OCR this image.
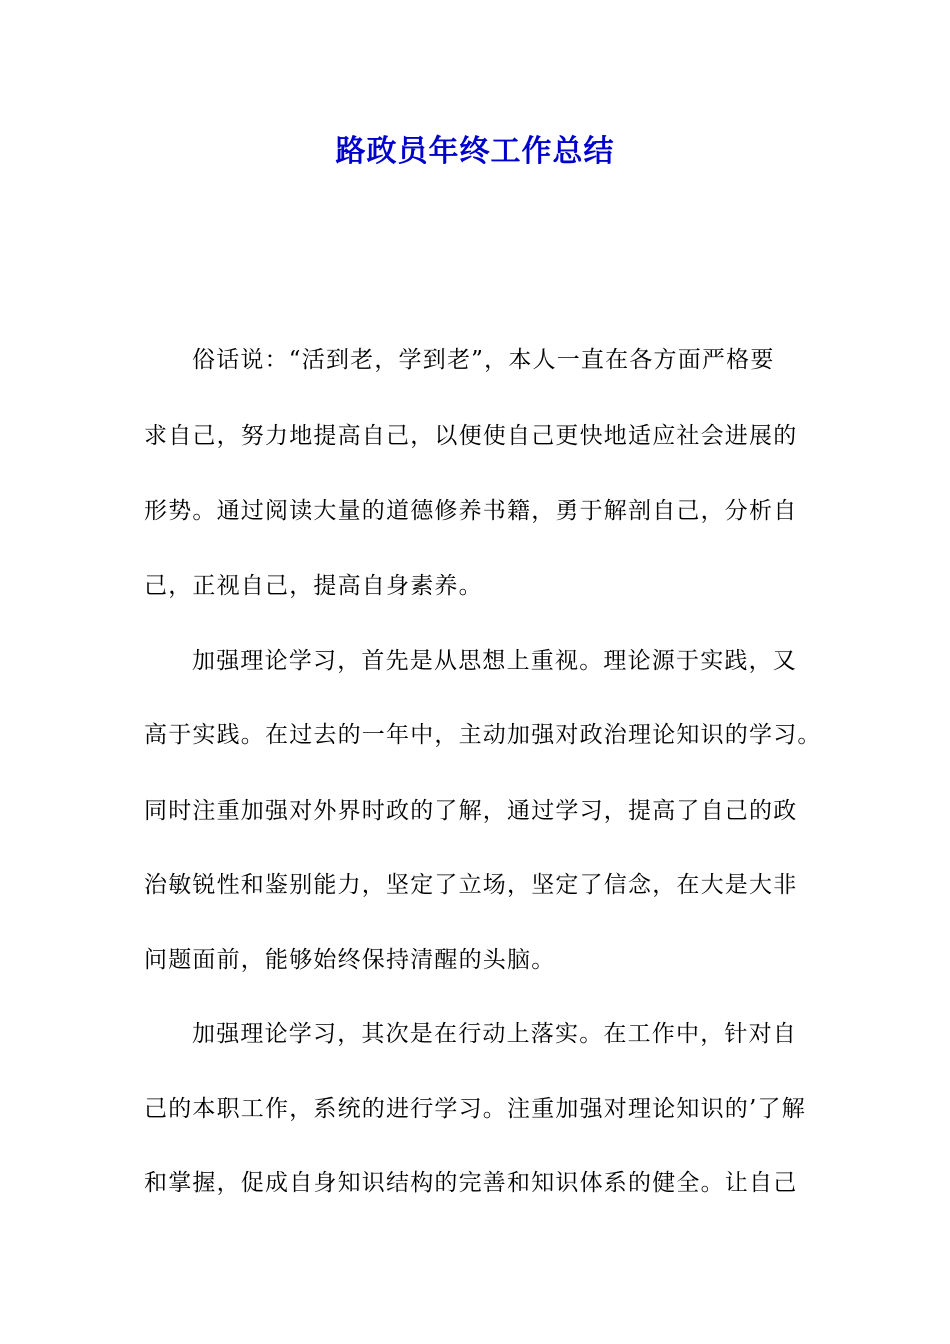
路政员年终工作总结
俗话说：“活到老，学到老”，本人一直在各方面严格要
求自己，努力地提高自己，以便使自己更快地适应社会进展的
形势。通过阅读大量的道德修养书籍，勇于解剖自己，分析自
己，正视自己，提高自身素养。
加强理论学习，首先是从思想上重视。理论源于实践，又
高于实践。在过去的一年中，主动加强对政治理论知识的学习。
同时注重加强对外界时政的了解，通过学习，提高了自己的政
治敏锐性和鉴别能力，坚定了立场，坚定了信念，在大是大非
问题面前，能够始终保持清醒的头脑。
加强理论学习，其次是在行动上落实。在工作中，针对自
己的本职工作，系统的进行学习。注重加强对理论知识的’了解
和掌握，促成自身知识结构的完善和知识体系的健全。让自己
